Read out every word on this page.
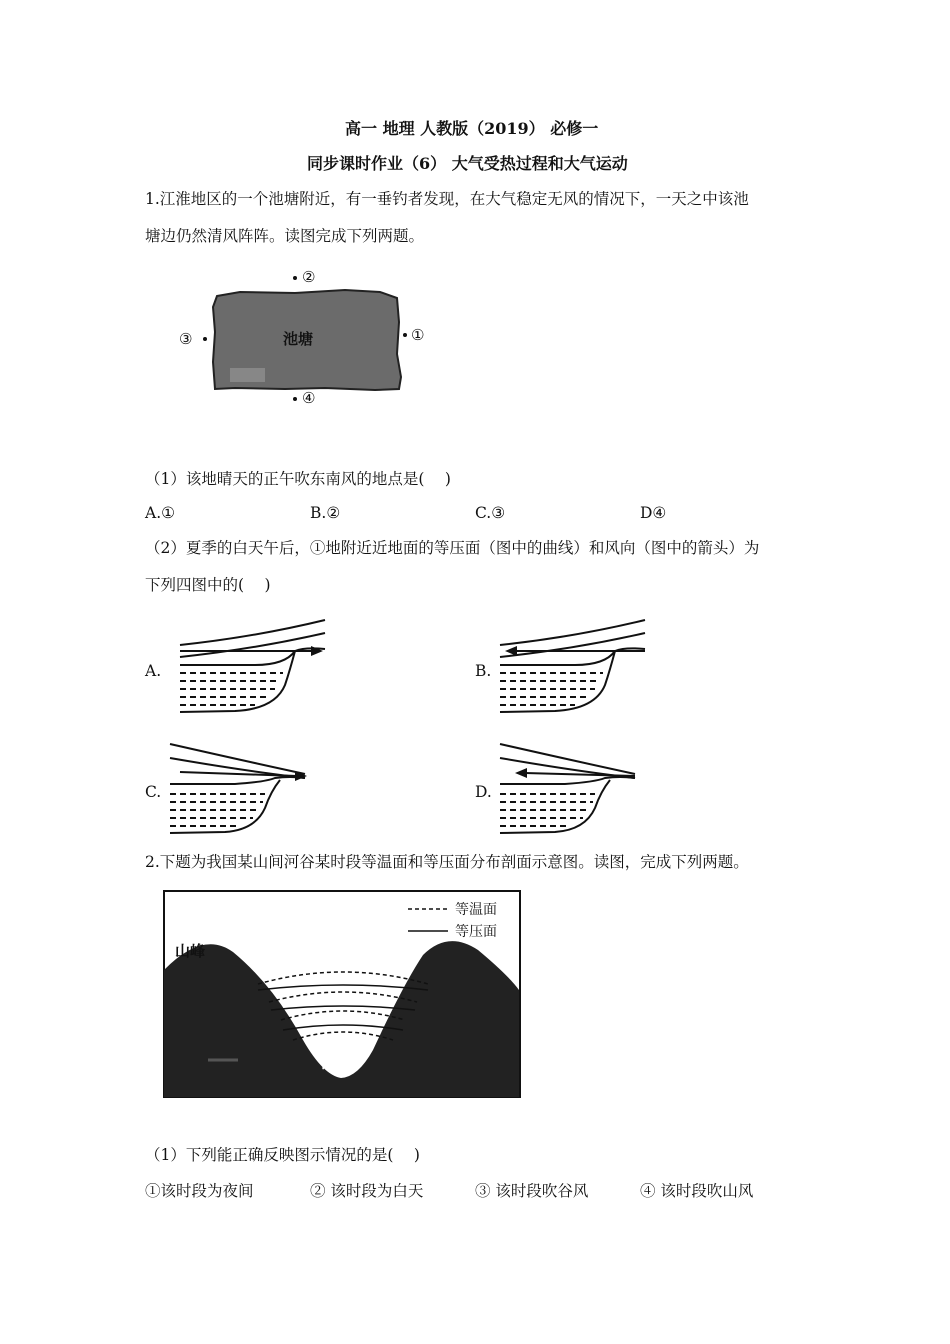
高一 地理 人教版（2019） 必修一
同步课时作业（6） 大气受热过程和大气运动
1.江淮地区的一个池塘附近，有一垂钓者发现，在大气稳定无风的情况下，一天之中该池
塘边仍然清风阵阵。读图完成下列两题。
池塘
②
①
③
④
（1）该地晴天的正午吹东南风的地点是(　 )
A.①	B.②	C.③	D④
（2）夏季的白天午后，①地附近近地面的等压面（图中的曲线）和风向（图中的箭头）为
下列四图中的(　 )
A.	B.
C.	D.
2.下题为我国某山间河谷某时段等温面和等压面分布剖面示意图。读图，完成下列两题。
等温面
等压面
山峰
河谷
（1）下列能正确反映图示情况的是(　 )
①该时段为夜间	② 该时段为白天	③ 该时段吹谷风	④ 该时段吹山风
